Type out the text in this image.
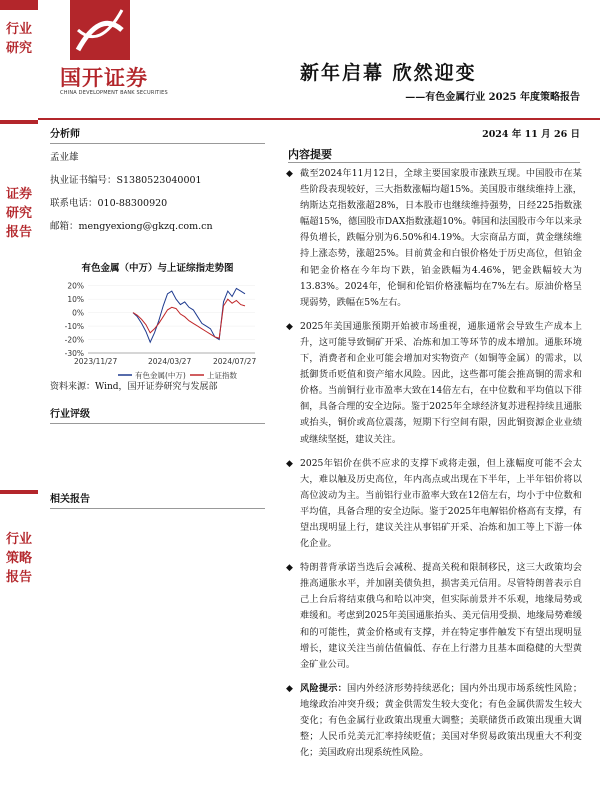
行业研究
证券研究报告
行业策略报告
国开证券
CHINA DEVELOPMENT BANK SECURITIES
新年启幕 欣然迎变
——有色金属行业 2025 年度策略报告
分析师
孟业雄
执业证书编号：S1380523040001
联系电话：010-88300920
邮箱：mengyexiong@gkzq.com.cn
有色金属（中万）与上证综指走势图
20%
10%
0%
-10%
-20%
-30%
2023/11/27	2024/03/27	2024/07/27
有色金属(中万)	上证指数
资料来源：Wind，国开证券研究与发展部
行业评级
相关报告
2024 年 11 月 26 日
内容提要
◆ 截至2024年11月12日，全球主要国家股市涨跌互现。中国股市在某些阶段表现较好，三大指数涨幅均超15%。美国股市继续维持上涨，纳斯达克指数涨超28%，日本股市也继续维持强势，日经225指数涨幅超15%，德国股市DAX指数涨超10%。韩国和法国股市今年以来录得负增长，跌幅分别为6.50%和4.19%。大宗商品方面，黄金继续维持上涨态势，涨超25%。目前黄金和白银价格处于历史高位，但铂金和钯金价格在今年均下跌，铂金跌幅为4.46%，钯金跌幅较大为13.83%。2024年，伦铜和伦铝价格涨幅均在7%左右。原油价格呈现弱势，跌幅在5%左右。
◆ 2025年美国通胀预期开始被市场重视，通胀通常会导致生产成本上升，这可能导致铜矿开采、冶炼和加工等环节的成本增加。通胀环境下，消费者和企业可能会增加对实物资产（如铜等金属）的需求，以抵御货币贬值和资产缩水风险。因此，这些都可能会推高铜的需求和价格。当前铜行业市盈率大致在14倍左右，在中位数和平均值以下徘徊，具备合理的安全边际。鉴于2025年全球经济复苏进程持续且通胀或抬头，铜价或高位震荡，短期下行空间有限，因此铜资源企业业绩或继续坚挺，建议关注。
◆ 2025年铝价在供不应求的支撑下或将走强，但上涨幅度可能不会太大，难以触及历史高位，年内高点或出现在下半年，上半年铝价将以高位波动为主。当前铝行业市盈率大致在12倍左右，均小于中位数和平均值，具备合理的安全边际。鉴于2025年电解铝价格高有支撑，有望出现明显上行，建议关注从事铝矿开采、冶炼和加工等上下游一体化企业。
◆ 特朗普背承诺当选后会减税、提高关税和限制移民，这三大政策均会推高通胀水平，并加剧美债负担，损害美元信用。尽管特朗普表示自己上台后将结束俄乌和哈以冲突，但实际前景并不乐观，地缘局势或难缓和。考虑到2025年美国通胀抬头、美元信用受损、地缘局势难缓和的可能性，黄金价格或有支撑，并在特定事件触发下有望出现明显增长，建议关注当前估值偏低、存在上行潜力且基本面稳健的大型黄金矿业公司。
◆ 风险提示：国内外经济形势持续恶化；国内外出现市场系统性风险；地缘政治冲突升级；黄金供需发生较大变化；有色金属供需发生较大变化；有色金属行业政策出现重大调整；美联储货币政策出现重大调整；人民币兑美元汇率持续贬值；美国对华贸易政策出现重大不利变化；美国政府出现系统性风险。
